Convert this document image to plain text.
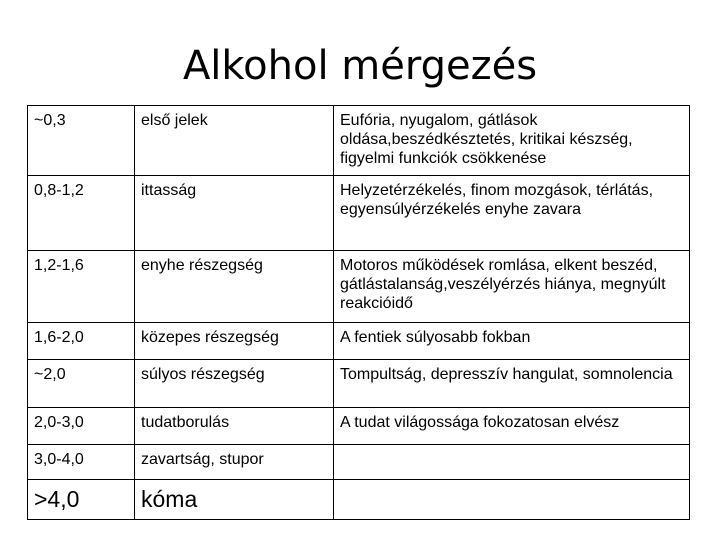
Alkohol mérgezés
~0,3	első jelek	Eufória, nyugalom, gátlások oldása,beszédkésztetés, kritikai készség, figyelmi funkciók csökkenése
0,8-1,2	ittasság	Helyzetérzékelés, finom mozgások, térlátás, egyensúlyérzékelés enyhe zavara
1,2-1,6	enyhe részegség	Motoros működések romlása, elkent beszéd, gátlástalanság,veszélyérzés hiánya, megnyúlt reakcióidő
1,6-2,0	közepes részegség	A fentiek súlyosabb fokban
~2,0	súlyos részegség	Tompultság, depresszív hangulat, somnolencia
2,0-3,0	tudatborulás	A tudat világossága fokozatosan elvész
3,0-4,0	zavartság, stupor	
>4,0	kóma	
